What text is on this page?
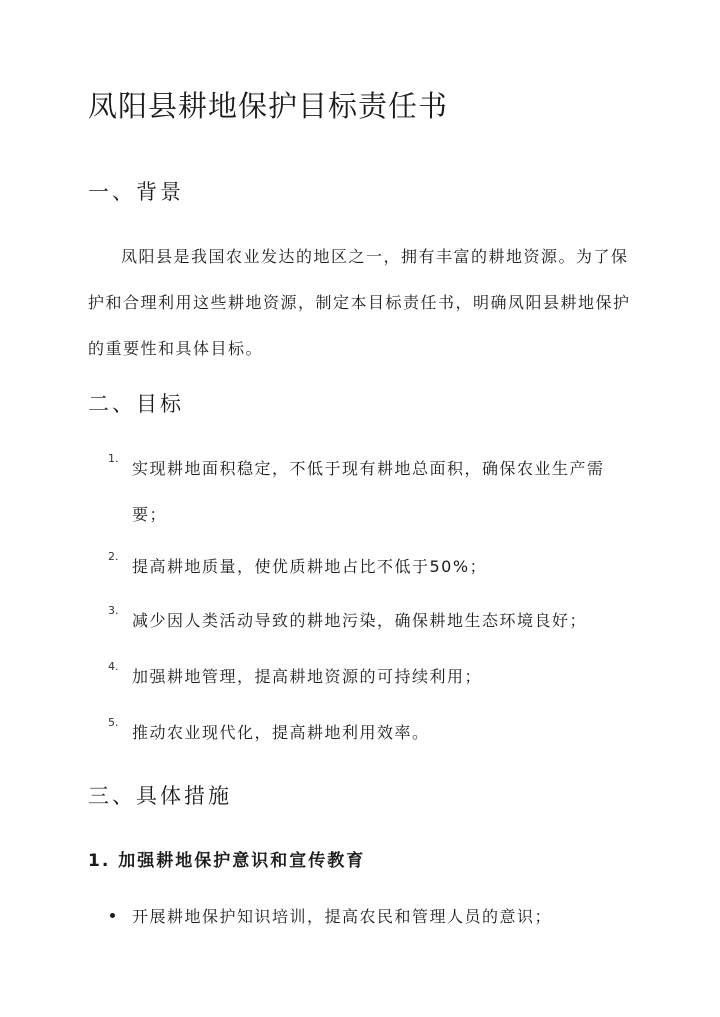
凤阳县耕地保护目标责任书
一、背景

凤阳县是我国农业发达的地区之一，拥有丰富的耕地资源。为了保护和合理利用这些耕地资源，制定本目标责任书，明确凤阳县耕地保护的重要性和具体目标。

二、目标
1.
实现耕地面积稳定，不低于现有耕地总面积，确保农业生产需要；
2.
提高耕地质量，使优质耕地占比不低于50%；
3.
减少因人类活动导致的耕地污染，确保耕地生态环境良好；
4.
加强耕地管理，提高耕地资源的可持续利用；
5.
推动农业现代化，提高耕地利用效率。
三、具体措施
1. 加强耕地保护意识和宣传教育
开展耕地保护知识培训，提高农民和管理人员的意识；
